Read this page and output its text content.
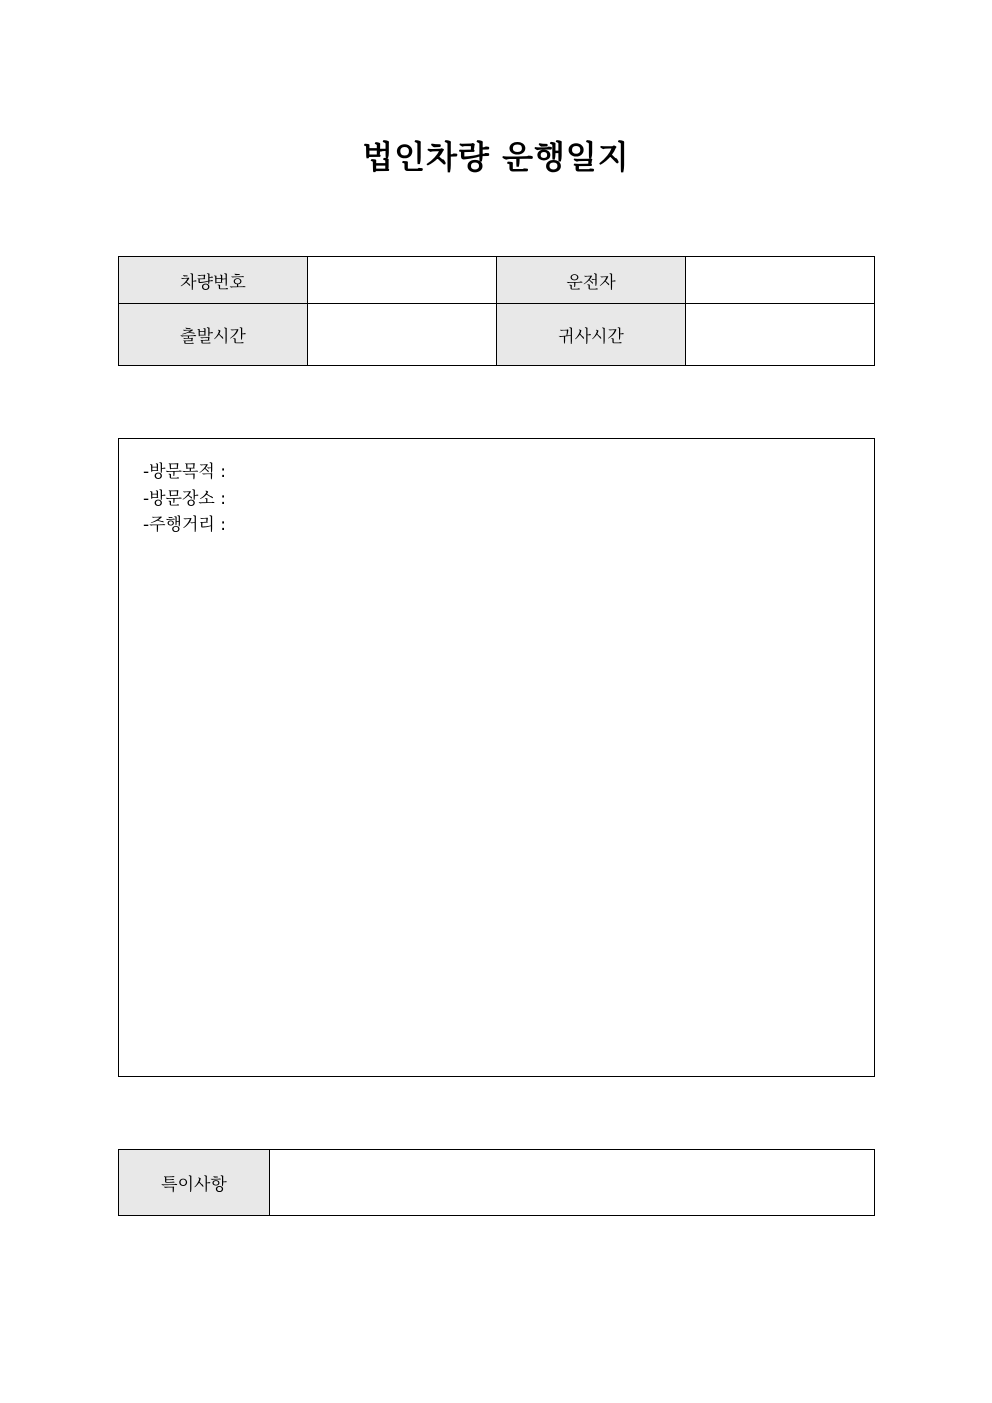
법인차량 운행일지
차량번호		운전자	
출발시간		귀사시간	
-방문목적 :
-방문장소 :
-주행거리 :
특이사항	
